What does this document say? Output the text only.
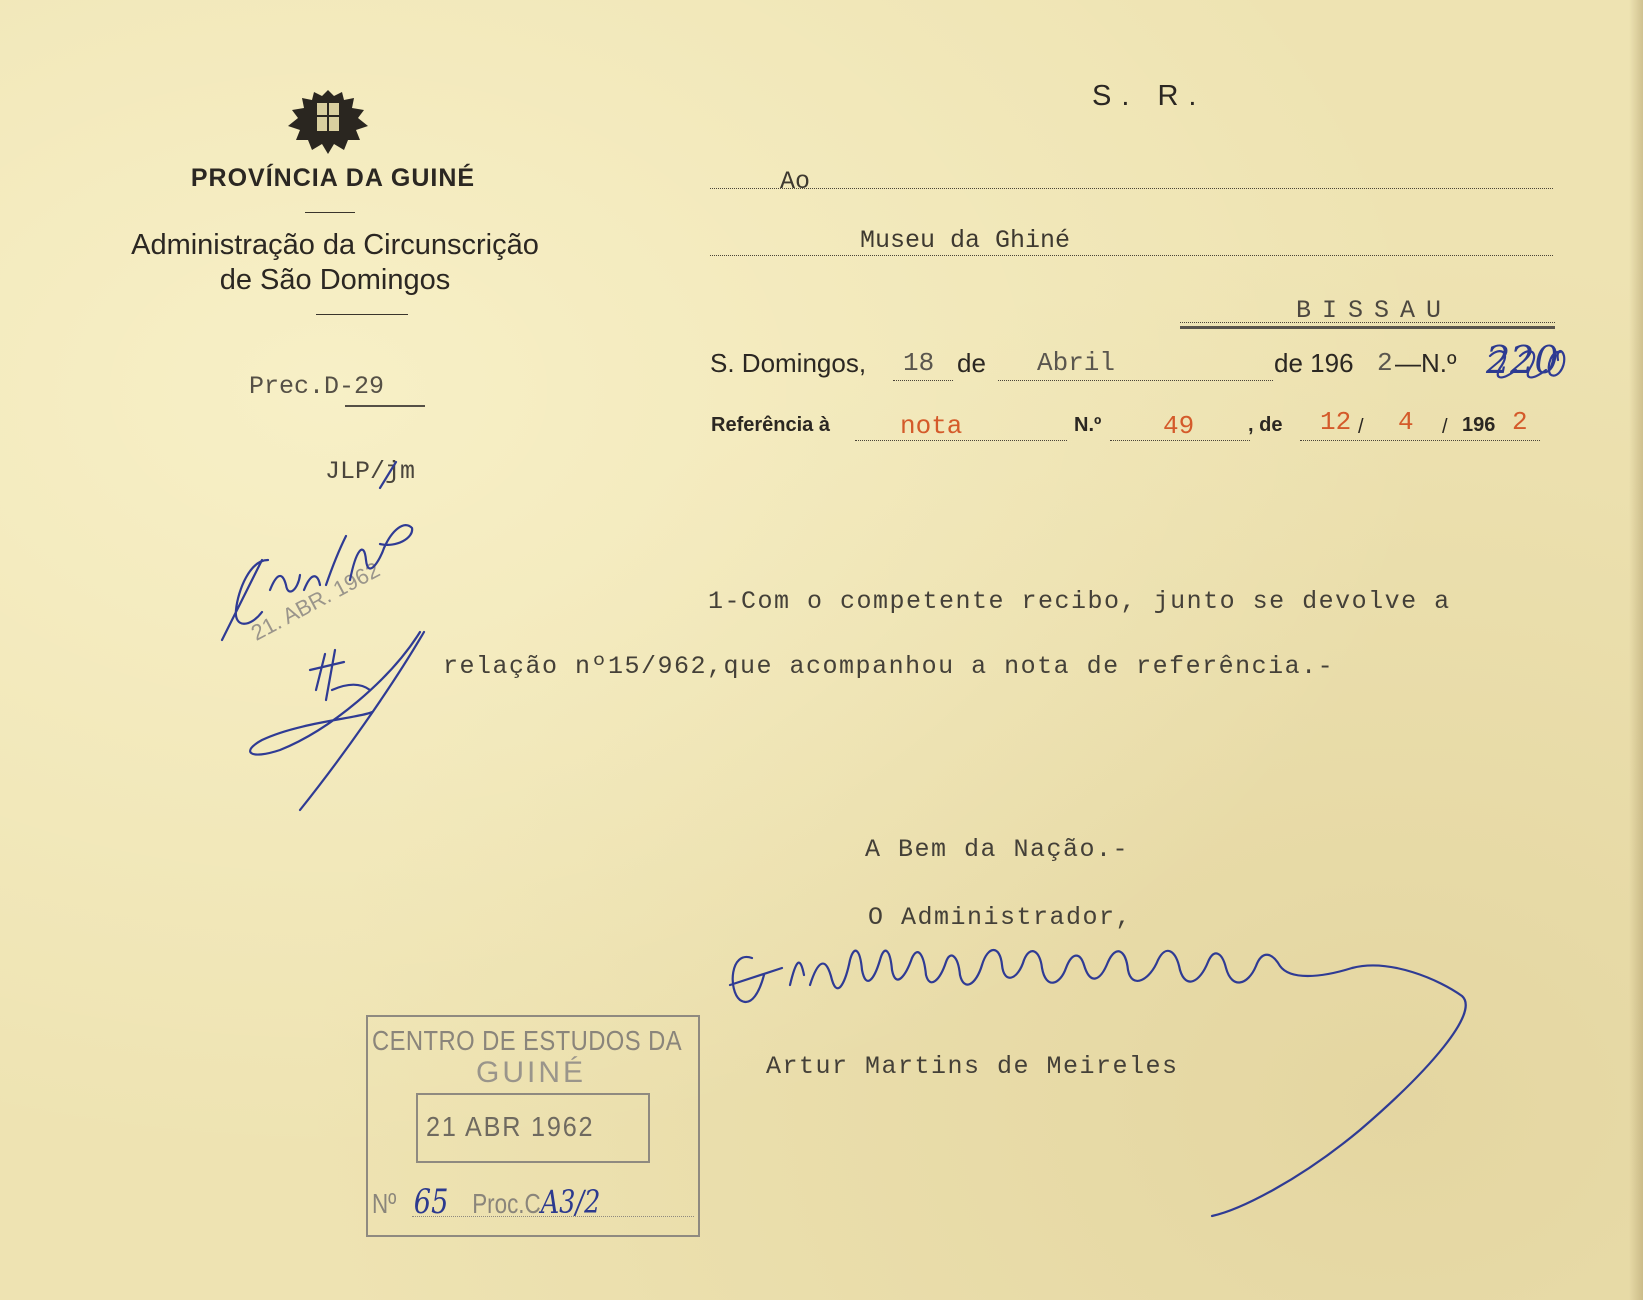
PROVÍNCIA DA GUINÉ
Administração da Circunscrição
de São Domingos
Prec.D-29
JLP/jm
S. R.
Ao
Museu da Ghiné
BISSAU
S. Domingos, 18 de Abril	de 196 2 —N.º 220
Referência à	nota	N.º 49	, de 12 / 4 / 196 2
1-Com o competente recibo, junto se devolve a
relação nº15/962,que acompanhou a nota de referência.-
A Bem da Nação.-
O Administrador,
Artur Martins de Meireles
21. ABR. 1962
CENTRO DE ESTUDOS DA
GUINÉ
21 ABR 1962
Nº 65 Proc.CA3/2
